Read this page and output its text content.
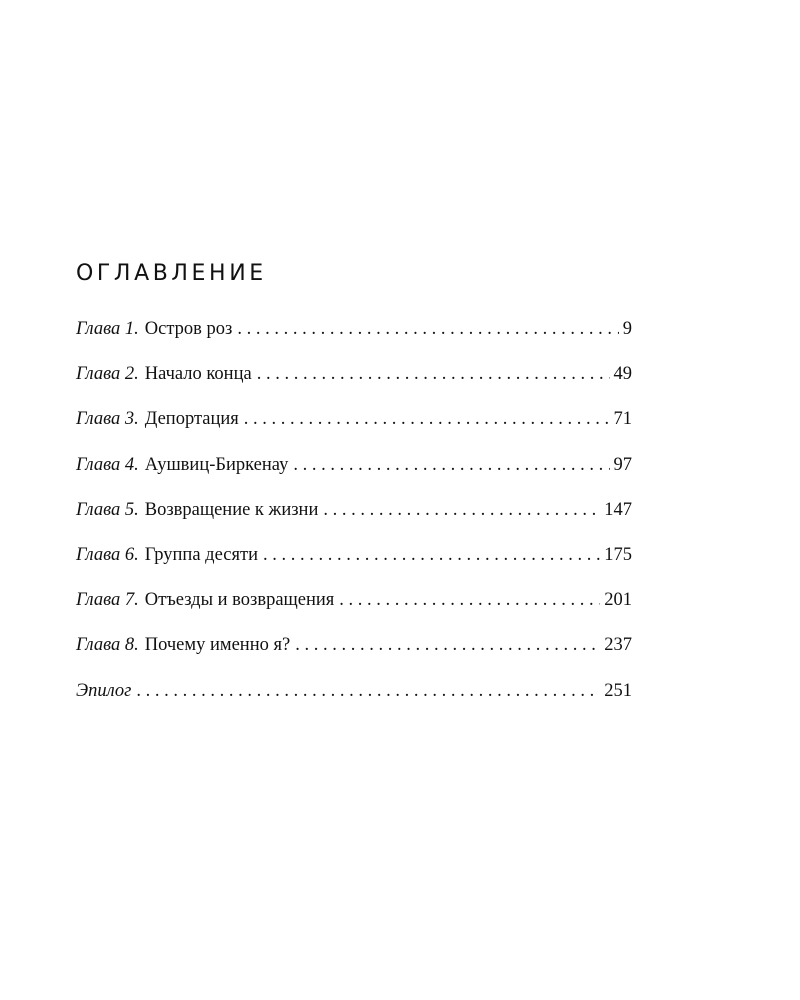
ОГЛАВЛЕНИЕ
Глава 1. Остров роз . . .	9
Глава 2. Начало конца . . .	49
Глава 3. Депортация . . .	71
Глава 4. Аушвиц-Биркенау . . .	97
Глава 5. Возвращение к жизни . . .	147
Глава 6. Группа десяти . . .	175
Глава 7. Отъезды и возвращения . . .	201
Глава 8. Почему именно я? . . .	237
Эпилог . . .	251
